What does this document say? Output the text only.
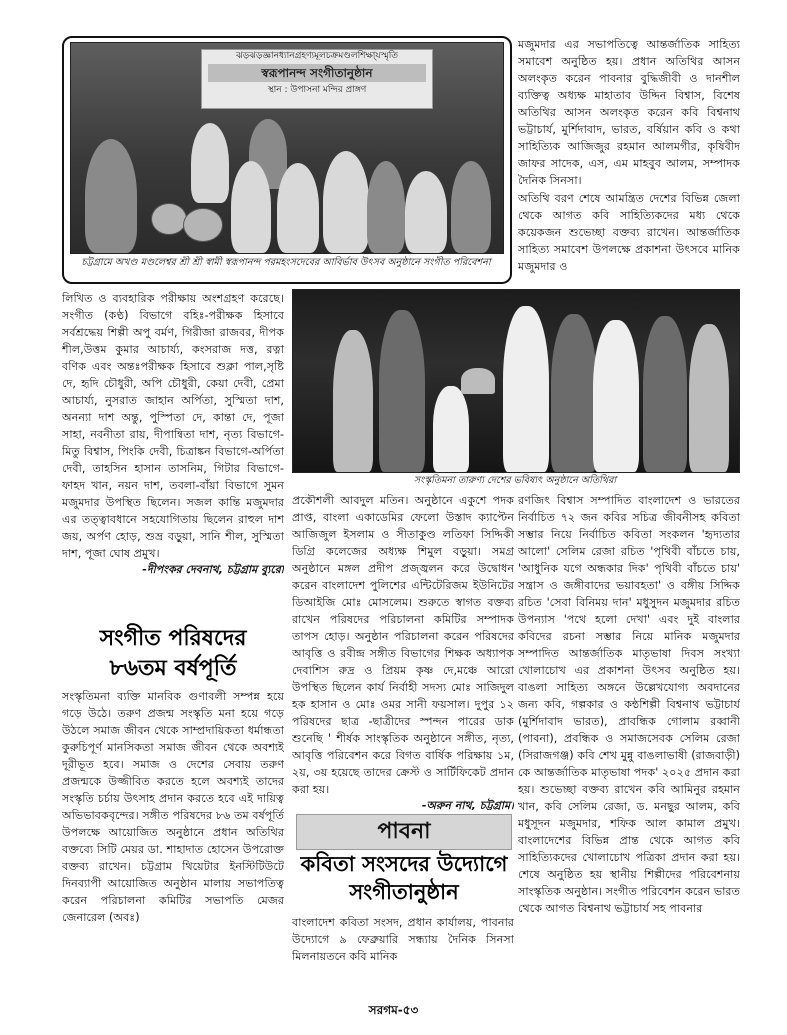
ঝড়ঝড়জ্ঞানধ্যানগ্রহণ্যমূলচক্রমণ্ডলশিক্ষা্যস্মৃতি
স্বরূপানন্দ সংগীতানুষ্ঠান
স্থান : উপাসনা মন্দির প্রাঙ্গণ
চট্টগ্রামে অখণ্ড মণ্ডলেশ্বর শ্রী শ্রী স্বামী স্বরূপানন্দ পরমহংসদেবের আবির্ভাব উৎসব অনুষ্ঠানে সংগীত পরিবেশনা

মজুমদার এর সভাপতিত্বে আন্তর্জাতিক সাহিত্য সমাবেশ অনুষ্ঠিত হয়। প্রধান অতিথির আসন অলংকৃত করেন পাবনার বুদ্ধিজীবী ও দানশীল ব্যক্তিত্ব অধ্যক্ষ মাহাতাব উদ্দিন বিশ্বাস, বিশেষ অতিথির আসন অলংকৃত করেন কবি বিশ্বনাথ ভট্টাচার্য, মুর্শিদাবাদ, ভারত, বর্ষিয়ান কবি ও কথা সাহিত্যিক আজিজুর রহমান আলমগীর, কৃষিবীদ জাফর সাদেক, এস, এম মাহবুব আলম, সম্পাদক দৈনিক সিনসা।

অতিথি বরণ শেষে আমন্ত্রিত দেশের বিভিন্ন জেলা থেকে আগত কবি সাহিত্যিকদের মধ্য থেকে কয়েকজন শুভেচ্ছা বক্তব্য রাখেন। আন্তর্জাতিক সাহিত্য সমাবেশ উপলক্ষে প্রকাশনা উৎসবে মানিক মজুমদার ও

সংস্কৃতিমনা তারুণ্য দেশের ভবিষ্যৎ অনুষ্ঠানে অতিথিরা

লিখিত ও ব্যবহারিক পরীক্ষায় অংশগ্রহণ করেছে। সংগীত (কণ্ঠ) বিভাগে বহিঃ-পরীক্ষক হিসাবে সর্বশ্রদ্ধেয় শিল্পী অপু বর্মণ, গিরীজা রাজবর, দীপক শীল,উত্তম কুমার আচার্য্য, কংসরাজ দত্ত, রত্না বণিক এবং অন্তঃপরীক্ষক হিসাবে শুক্লা পাল,সৃষ্টি দে, হৃদি চৌধুরী, অপি চৌধুরী, কেয়া দেবী, প্রেমা আচার্য্য, নুসরাত জাহান অর্পিতা, সুস্মিতা দাশ, অনন্যা দাশ অন্তু, পুস্পিতা দে, কান্তা দে, পূজা সাহা, নবনীতা রায়, দীপান্বিতা দাশ, নৃত্য বিভাগে-মিতু বিশ্বাস, পিংকি দেবী, চিত্রাঙ্কন বিভাগে-অর্পিতা দেবী, তাহসিন হাসান তাসনিম, গিটার বিভাগে-ফাহদ খান, নয়ন দাশ, তবলা-বাঁয়া বিভাগে সুমন মজুমদার উপস্থিত ছিলেন। সজল কান্তি মজুমদার এর তত্ত্বাবধানে সহযোগিতায় ছিলেন রাহুল দাশ জয়, অর্পণ হোড়, শুভ্র বড়ুয়া, সানি শীল, সুস্মিতা দাশ, পূজা ঘোষ প্রমুখ।

-দীপংকর দেবনাথ, চট্টগ্রাম ব্যুরো
সংগীত পরিষদের ৮৬তম বর্ষপূর্তি

সংস্কৃতিমনা ব্যক্তি মানবিক গুণাবলী সম্পন্ন হয়ে গড়ে উঠে। তরুণ প্রজন্ম সংস্কৃতি মনা হয়ে গড়ে উঠলে সমাজ জীবন থেকে সাম্প্রদায়িকতা ধর্মান্ধতা কুরুচিপূর্ণ মানসিকতা সমাজ জীবন থেকে অবশ্যই দূরীভূত হবে। সমাজ ও দেশের সেবায় তরুণ প্রজন্মকে উজ্জীবিত করতে হলে অবশ্যই তাদের সংস্কৃতি চর্চায় উৎসাহ প্রদান করতে হবে এই দায়িত্ব অভিভাবকবৃন্দের। সঙ্গীত পরিষদের ৮৬ তম বর্ষপূর্তি উপলক্ষে আয়োজিত অনুষ্ঠানে প্রধান অতিথির বক্তব্যে সিটি মেয়র ডা. শাহাদাত হোসেন উপরোক্ত বক্তব্য রাখেন। চট্টগ্রাম থিয়েটার ইনস্টিটিউটে দিনব্যাপী আয়োজিত অনুষ্ঠান মালায় সভাপতিত্ব করেন পরিচালনা কমিটির সভাপতি মেজর জেনারেল (অবঃ)

প্রকৌশলী আবদুল মতিন। অনুষ্ঠানে একুশে পদক প্রাপ্ত, বাংলা একাডেমির ফেলো উস্তাদ ক্যাপ্টেন আজিজুল ইসলাম ও সীতাকুণ্ড লতিফা সিদ্দিকী ডিগ্রি কলেজের অধ্যক্ষ শিমুল বড়ুয়া। সমগ্র অনুষ্ঠানে মঙ্গল প্রদীপ প্রজ্জ্বলন করে উদ্বোধন করেন বাংলাদেশ পুলিশের এন্টিটেরিজম ইউনিটের ডিআইজি মোঃ মোসলেম। শুরুতে স্বাগত বক্তব্য রাখেন পরিষদের পরিচালনা কমিটির সম্পাদক তাপস হোড়। অনুষ্ঠান পরিচালনা করেন পরিষদের আবৃত্তি ও রবীন্দ্র সঙ্গীত বিভাগের শিক্ষক অধ্যাপক দেবাশিস রুদ্র ও প্রিয়ম কৃষ্ণ দে,মঞ্চে আরো উপস্থিত ছিলেন কার্য নির্বাহী সদস্য মোঃ সাজিদুল হক হাসান ও মোঃ ওমর সানী ফয়সাল। দুপুর ১২ পরিষদের ছাত্র -ছাত্রীদের স্পন্দন পারের ডাক শুনেছি ' শীর্ষক সাংস্কৃতিক অনুষ্ঠানে সঙ্গীত, নৃত্য, আবৃত্তি পরিবেশন করে বিগত বার্ষিক পরিক্ষায় ১ম, ২য়, ৩য় হয়েছে তাদের ক্রেস্ট ও সার্টিফিকেট প্রদান করা হয়।

-অরুন নাথ, চট্টগ্রাম।
পাবনা
কবিতা সংসদের উদ্যোগে সংগীতানুষ্ঠান

বাংলাদেশ কবিতা সংসদ, প্রধান কার্যালয়, পাবনার উদ্যোগে ৯ ফেব্রুয়ারি সন্ধ্যায় দৈনিক সিনসা মিলনায়তনে কবি মানিক

রণজিৎ বিশ্বাস সম্পাদিত বাংলাদেশ ও ভারতের নির্বাচিত ৭২ জন কবির সচিত্র জীবনীসহ কবিতা সম্ভার নিয়ে নির্বাচিত কবিতা সংকলন 'হৃদ্যতার আলো' সেলিম রেজা রচিত 'পৃথিবী বাঁচতে চায়, 'আধুনিক যগে অন্ধকার দিক' পৃথিবী বাঁচতে চায়' সন্ত্রাস ও জঙ্গীবাদের ভয়াবহতা' ও বঙ্গীয় সিদ্দিক রচিত 'সেবা বিনিময় দান' মধুসুদন মজুমদার রচিত উপন্যাস 'পথে হলো দেখা' এবং দুই বাংলার কবিদের রচনা সম্ভার নিয়ে মানিক মজুমদার সম্পাদিত আন্তর্জাতিক মাতৃভাষা দিবস সংখ্যা খোলাচোখ এর প্রকাশনা উৎসব অনুষ্ঠিত হয়। বাঙলা সাহিত্য অঙ্গনে উল্লেখযোগ্য অবদানের জন্য কবি, গল্পকার ও কন্ঠশিল্পী বিশ্বনাথ ভট্টাচার্য (মুর্শিদাবাদ ভারত), প্রাবন্ধিক গোলাম রব্বানী (পাবনা), প্রবন্ধিক ও সমাজসেবক সেলিম রেজা (সিরাজগঞ্জ) কবি শেখ মুন্নু বাঙলাভাষী (রাজবাড়ী) কে আন্তর্জাতিক মাতৃভাষা পদক' ২০২৫ প্রদান করা হয়। শুভেচ্ছা বক্তব্য রাখেন কবি আমিনুর রহমান খান, কবি সেলিম রেজা, ড. মনছুর আলম, কবি মধুসূদন মজুমদার, শফিক আল কামাল প্রমুখ। বাংলাদেশের বিভিন্ন প্রান্ত থেকে আগত কবি সাহিত্যিকদের খোলাচোখ পত্রিকা প্রদান করা হয়। শেষে অনুষ্ঠিত হয় স্থানীয় শিল্পীদের পরিবেশনায় সাংস্কৃতিক অনুষ্ঠান। সংগীত পরিবেশন করেন ভারত থেকে আগত বিশ্বনাথ ভট্টাচার্য সহ পাবনার

সরগম-৫৩
